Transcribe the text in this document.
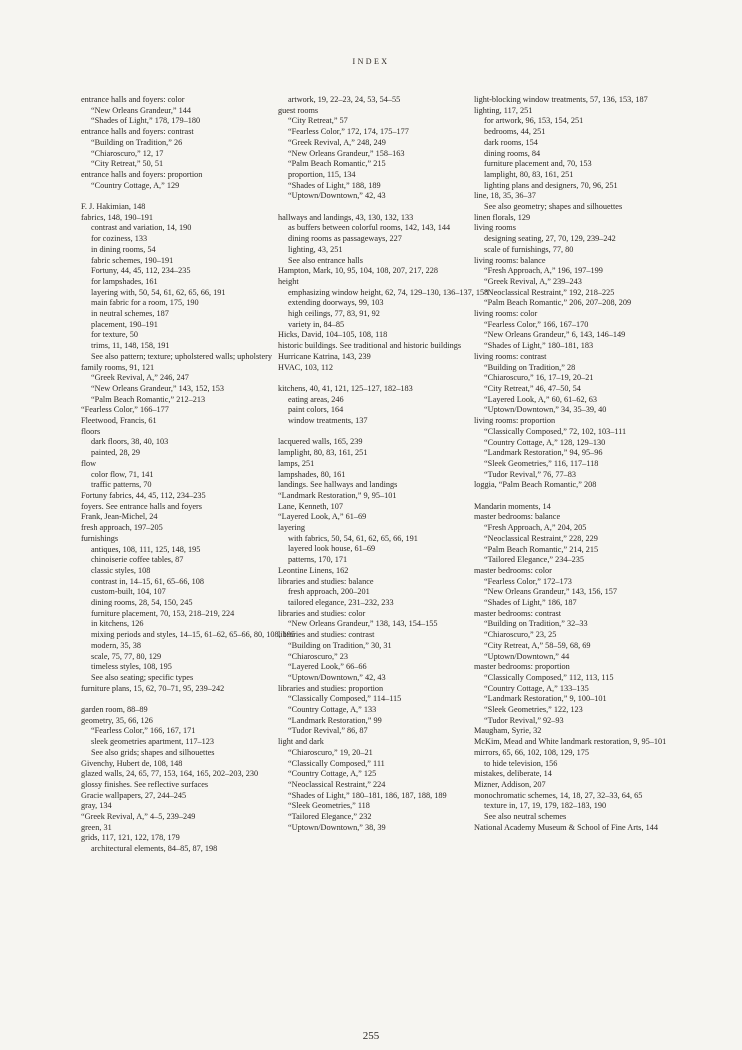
INDEX
entrance halls and foyers: color
“New Orleans Grandeur,” 144
“Shades of Light,” 178, 179–180
entrance halls and foyers: contrast
“Building on Tradition,” 26
“Chiaroscuro,” 12, 17
“City Retreat,” 50, 51
entrance halls and foyers: proportion
“Country Cottage, A,” 129
F. J. Hakimian, 148
fabrics, 148, 190–191
contrast and variation, 14, 190
for coziness, 133
in dining rooms, 54
fabric schemes, 190–191
Fortuny, 44, 45, 112, 234–235
for lampshades, 161
layering with, 50, 54, 61, 62, 65, 66, 191
main fabric for a room, 175, 190
in neutral schemes, 187
placement, 190–191
for texture, 50
trims, 11, 148, 158, 191
See also pattern; texture; upholstered walls; upholstery
family rooms, 91, 121
“Greek Revival, A,” 246, 247
“New Orleans Grandeur,” 143, 152, 153
“Palm Beach Romantic,” 212–213
“Fearless Color,” 166–177
Fleetwood, Francis, 61
floors
dark floors, 38, 40, 103
painted, 28, 29
flow
color flow, 71, 141
traffic patterns, 70
Fortuny fabrics, 44, 45, 112, 234–235
foyers. See entrance halls and foyers
Frank, Jean-Michel, 24
fresh approach, 197–205
furnishings
antiques, 108, 111, 125, 148, 195
chinoiserie coffee tables, 87
classic styles, 108
contrast in, 14–15, 61, 65–66, 108
custom-built, 104, 107
dining rooms, 28, 54, 150, 245
furniture placement, 70, 153, 218–219, 224
in kitchens, 126
mixing periods and styles, 14–15, 61–62, 65–66, 80, 108, 195
modern, 35, 38
scale, 75, 77, 80, 129
timeless styles, 108, 195
See also seating; specific types
furniture plans, 15, 62, 70–71, 95, 239–242
garden room, 88–89
geometry, 35, 66, 126
“Fearless Color,” 166, 167, 171
sleek geometries apartment, 117–123
See also grids; shapes and silhouettes
Givenchy, Hubert de, 108, 148
glazed walls, 24, 65, 77, 153, 164, 165, 202–203, 230
glossy finishes. See reflective surfaces
Gracie wallpapers, 27, 244–245
gray, 134
“Greek Revival, A,” 4–5, 239–249
green, 31
grids, 117, 121, 122, 178, 179
architectural elements, 84–85, 87, 198
artwork, 19, 22–23, 24, 53, 54–55
guest rooms
“City Retreat,” 57
“Fearless Color,” 172, 174, 175–177
“Greek Revival, A,” 248, 249
“New Orleans Grandeur,” 158–163
“Palm Beach Romantic,” 215
proportion, 115, 134
“Shades of Light,” 188, 189
“Uptown/Downtown,” 42, 43
hallways and landings, 43, 130, 132, 133
as buffers between colorful rooms, 142, 143, 144
dining rooms as passageways, 227
lighting, 43, 251
See also entrance halls
Hampton, Mark, 10, 95, 104, 108, 207, 217, 228
height
emphasizing window height, 62, 74, 129–130, 136–137, 158
extending doorways, 99, 103
high ceilings, 77, 83, 91, 92
variety in, 84–85
Hicks, David, 104–105, 108, 118
historic buildings. See traditional and historic buildings
Hurricane Katrina, 143, 239
HVAC, 103, 112
kitchens, 40, 41, 121, 125–127, 182–183
eating areas, 246
paint colors, 164
window treatments, 137
lacquered walls, 165, 239
lamplight, 80, 83, 161, 251
lamps, 251
lampshades, 80, 161
landings. See hallways and landings
“Landmark Restoration,” 9, 95–101
Lane, Kenneth, 107
“Layered Look, A,” 61–69
layering
with fabrics, 50, 54, 61, 62, 65, 66, 191
layered look house, 61–69
patterns, 170, 171
Leontine Linens, 162
libraries and studies: balance
fresh approach, 200–201
tailored elegance, 231–232, 233
libraries and studies: color
“New Orleans Grandeur,” 138, 143, 154–155
libraries and studies: contrast
“Building on Tradition,” 30, 31
“Chiaroscuro,” 23
“Layered Look,” 66–66
“Uptown/Downtown,” 42, 43
libraries and studies: proportion
“Classically Composed,” 114–115
“Country Cottage, A,” 133
“Landmark Restoration,” 99
“Tudor Revival,” 86, 87
light and dark
“Chiaroscuro,” 19, 20–21
“Classically Composed,” 111
“Country Cottage, A,” 125
“Neoclassical Restraint,” 224
“Shades of Light,” 180–181, 186, 187, 188, 189
“Sleek Geometries,” 118
“Tailored Elegance,” 232
“Uptown/Downtown,” 38, 39
light-blocking window treatments, 57, 136, 153, 187
lighting, 117, 251
for artwork, 96, 153, 154, 251
bedrooms, 44, 251
dark rooms, 154
dining rooms, 84
furniture placement and, 70, 153
lamplight, 80, 83, 161, 251
lighting plans and designers, 70, 96, 251
line, 18, 35, 36–37
See also geometry; shapes and silhouettes
linen florals, 129
living rooms
designing seating, 27, 70, 129, 239–242
scale of furnishings, 77, 80
living rooms: balance
“Fresh Approach, A,” 196, 197–199
“Greek Revival, A,” 239–243
“Neoclassical Restraint,” 192, 218–225
“Palm Beach Romantic,” 206, 207–208, 209
living rooms: color
“Fearless Color,” 166, 167–170
“New Orleans Grandeur,” 6, 143, 146–149
“Shades of Light,” 180–181, 183
living rooms: contrast
“Building on Tradition,” 28
“Chiaroscuro,” 16, 17–19, 20–21
“City Retreat,” 46, 47–50, 54
“Layered Look, A,” 60, 61–62, 63
“Uptown/Downtown,” 34, 35–39, 40
living rooms: proportion
“Classically Composed,” 72, 102, 103–111
“Country Cottage, A,” 128, 129–130
“Landmark Restoration,” 94, 95–96
“Sleek Geometries,” 116, 117–118
“Tudor Revival,” 76, 77–83
loggia, “Palm Beach Romantic,” 208
Mandarin moments, 14
master bedrooms: balance
“Fresh Approach, A,” 204, 205
“Neoclassical Restraint,” 228, 229
“Palm Beach Romantic,” 214, 215
“Tailored Elegance,” 234–235
master bedrooms: color
“Fearless Color,” 172–173
“New Orleans Grandeur,” 143, 156, 157
“Shades of Light,” 186, 187
master bedrooms: contrast
“Building on Tradition,” 32–33
“Chiaroscuro,” 23, 25
“City Retreat, A,” 58–59, 68, 69
“Uptown/Downtown,” 44
master bedrooms: proportion
“Classically Composed,” 112, 113, 115
“Country Cottage, A,” 133–135
“Landmark Restoration,” 9, 100–101
“Sleek Geometries,” 122, 123
“Tudor Revival,” 92–93
Maugham, Syrie, 32
McKim, Mead and White landmark restoration, 9, 95–101
mirrors, 65, 66, 102, 108, 129, 175
to hide television, 156
mistakes, deliberate, 14
Mizner, Addison, 207
monochromatic schemes, 14, 18, 27, 32–33, 64, 65
texture in, 17, 19, 179, 182–183, 190
See also neutral schemes
National Academy Museum & School of Fine Arts, 144
255
